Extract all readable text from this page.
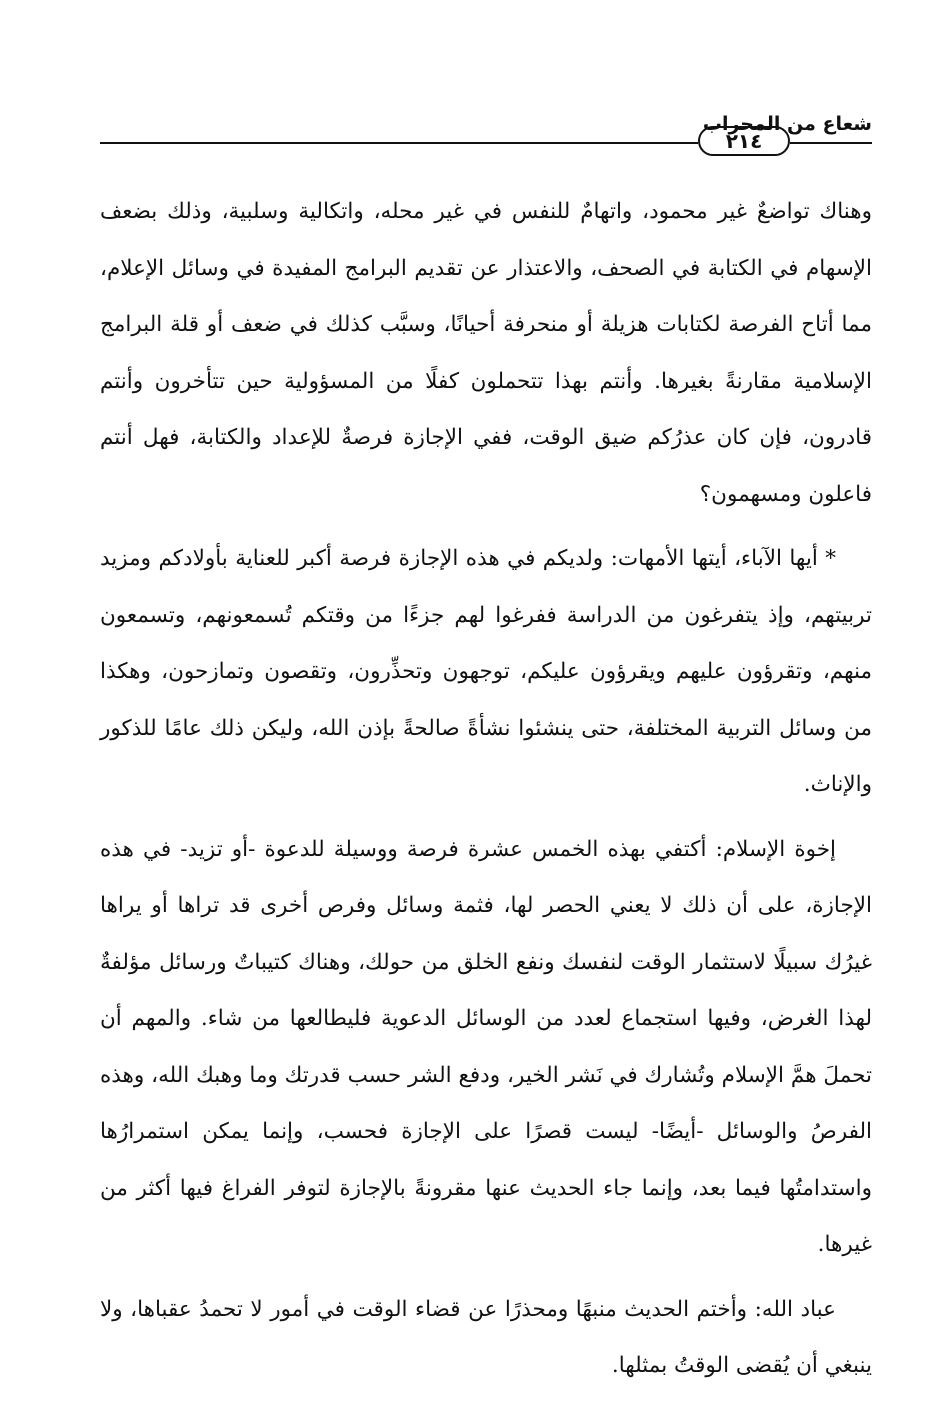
٢١٤
شعاع من المحراب

وهناك تواضعٌ غير محمود، واتهامٌ للنفس في غير محله، واتكالية وسلبية، وذلك بضعف الإسهام في الكتابة في الصحف، والاعتذار عن تقديم البرامج المفيدة في وسائل الإعلام، مما أتاح الفرصة لكتابات هزيلة أو منحرفة أحيانًا، وسبَّب كذلك في ضعف أو قلة البرامج الإسلامية مقارنةً بغيرها. وأنتم بهذا تتحملون كفلًا من المسؤولية حين تتأخرون وأنتم قادرون، فإن كان عذرُكم ضيق الوقت، ففي الإجازة فرصةٌ للإعداد والكتابة، فهل أنتم فاعلون ومسهمون؟

* أيها الآباء، أيتها الأمهات: ولديكم في هذه الإجازة فرصة أكبر للعناية بأولادكم ومزيد تربيتهم، وإذ يتفرغون من الدراسة ففرغوا لهم جزءًا من وقتكم تُسمعونهم، وتسمعون منهم، وتقرؤون عليهم ويقرؤون عليكم، توجهون وتحذِّرون، وتقصون وتمازحون، وهكذا من وسائل التربية المختلفة، حتى ينشئوا نشأةً صالحةً بإذن الله، وليكن ذلك عامًا للذكور والإناث.

إخوة الإسلام: أكتفي بهذه الخمس عشرة فرصة ووسيلة للدعوة -أو تزيد- في هذه الإجازة، على أن ذلك لا يعني الحصر لها، فثمة وسائل وفرص أخرى قد تراها أو يراها غيرُك سبيلًا لاستثمار الوقت لنفسك ونفع الخلق من حولك، وهناك كتيباتٌ ورسائل مؤلفةٌ لهذا الغرض، وفيها استجماع لعدد من الوسائل الدعوية فليطالعها من شاء. والمهم أن تحملَ همَّ الإسلام وتُشارك في نَشر الخير، ودفع الشر حسب قدرتك وما وهبك الله، وهذه الفرصُ والوسائل -أيضًا- ليست قصرًا على الإجازة فحسب، وإنما يمكن استمرارُها واستدامتُها فيما بعد، وإنما جاء الحديث عنها مقرونةً بالإجازة لتوفر الفراغ فيها أكثر من غيرها.

عباد الله: وأختم الحديث منبهًا ومحذرًا عن قضاء الوقت في أمور لا تحمدُ عقباها، ولا ينبغي أن يُقضى الوقتُ بمثلها.
